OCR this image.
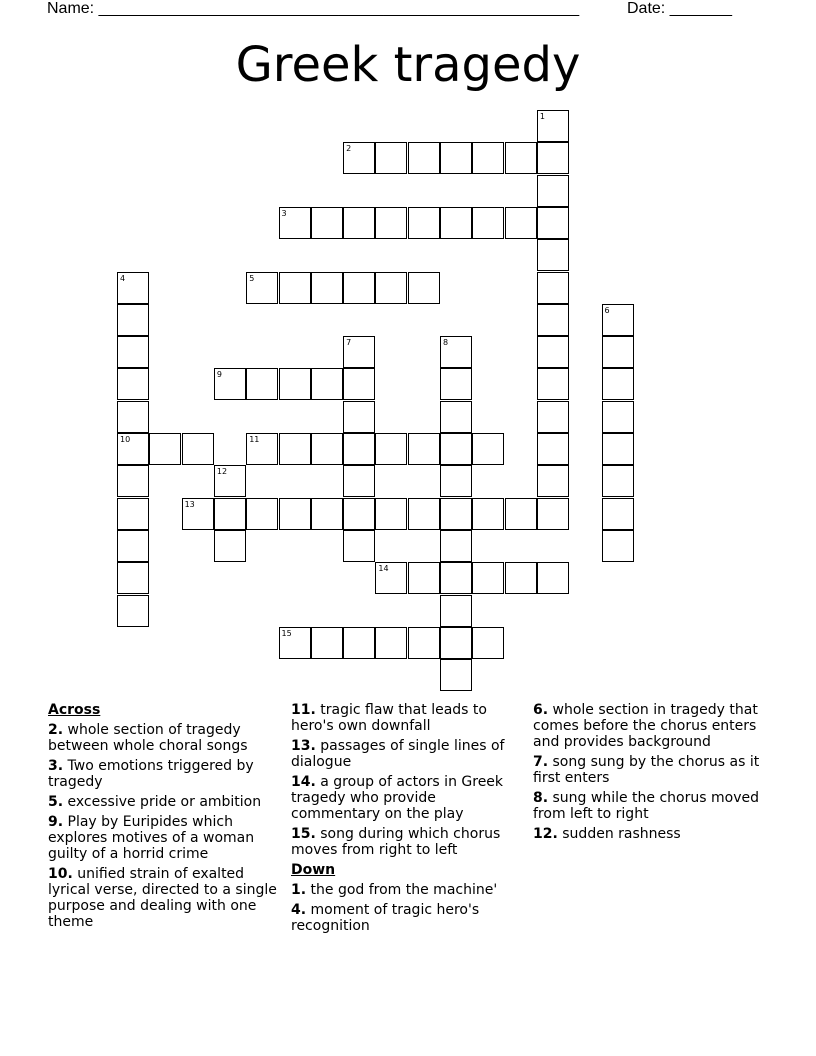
Name: ______________________________________________________	Date: _______
Greek tragedy
1
2
3
4
10
5
6
7	8
9
11
12
13
14
15
Across
2. whole section of tragedy between whole choral songs
3. Two emotions triggered by tragedy
5. excessive pride or ambition
9. Play by Euripides which explores motives of a woman guilty of a horrid crime
10. unified strain of exalted lyrical verse, directed to a single purpose and dealing with one theme
11. tragic flaw that leads to hero's own downfall
13. passages of single lines of dialogue
14. a group of actors in Greek tragedy who provide commentary on the play
15. song during which chorus moves from right to left
Down
1. the god from the machine'
4. moment of tragic hero's recognition
6. whole section in tragedy that comes before the chorus enters and provides background
7. song sung by the chorus as it first enters
8. sung while the chorus moved from left to right
12. sudden rashness
